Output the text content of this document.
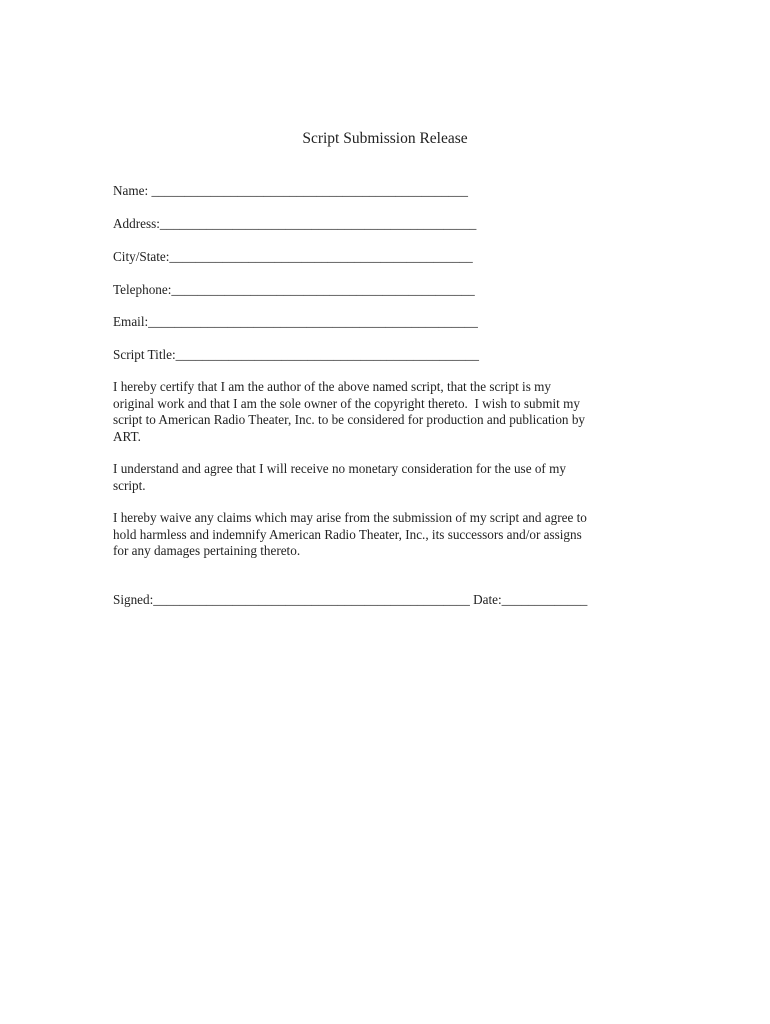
Script Submission Release
Name: ________________________________________________
Address:________________________________________________
City/State:______________________________________________
Telephone:______________________________________________
Email:__________________________________________________
Script Title:______________________________________________

I hereby certify that I am the author of the above named script, that the script is my
original work and that I am the sole owner of the copyright thereto.  I wish to submit my
script to American Radio Theater, Inc. to be considered for production and publication by
ART.

I understand and agree that I will receive no monetary consideration for the use of my
script.

I hereby waive any claims which may arise from the submission of my script and agree to
hold harmless and indemnify American Radio Theater, Inc., its successors and/or assigns
for any damages pertaining thereto.

Signed:________________________________________________ Date:_____________
